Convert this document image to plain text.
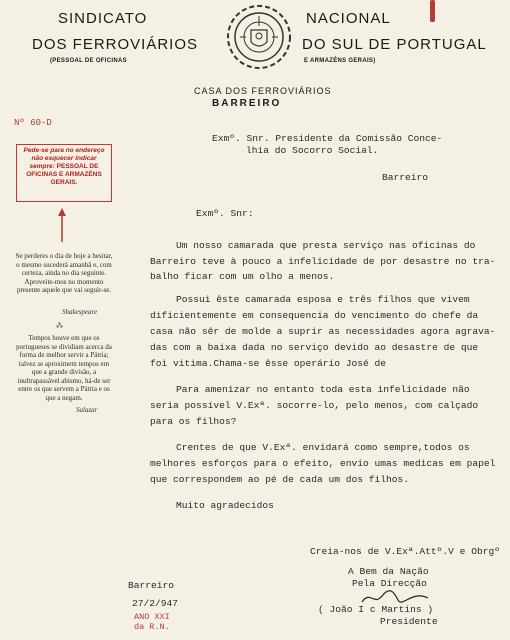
SINDICATO
DOS FERROVIÁRIOS
(PESSOAL DE OFICINAS
NACIONAL
DO SUL DE PORTUGAL
E ARMAZÉNS GERAIS)
CASA DOS FERROVIÁRIOS
BARREIRO
Nº 60-D
Pede-se para no endereço não esquecer indicar sempre: PESSOAL DE OFICINAS E ARMAZÉNS GERAIS.
Se perderes o dia de hoje a hesitar, o mesmo sucederá amanhã e, com certeza, ainda no dia seguinte. Aproveite-mos no momento presente aquele que vai seguir-se.
Shakespeare
⁂
Tempos houve em que os portugueses se dividiam acerca da forma de melhor servir a Pátria; talvez se aproximem tempos em que a grande divisão, a inultrapassável abismo, há-de ser entre os que servem a Pátria e os que a negam.
Salazar
Exmº. Snr. Presidente da Comissão Conce-
lhia do Socorro Social.
Barreiro
Exmº. Snr:
Um nosso camarada que presta serviço nas oficinas do
Barreiro teve à pouco a infelicidade de por desastre no tra-
balho ficar com um olho a menos.
Possui êste camarada esposa e três filhos que vivem
dificientemente em consequencia do vencimento do chefe da
casa não sêr de molde a suprir as necessidades agora agrava-
das com a baixa dada no serviço devido ao desastre de que
foi vitima.Chama-se êsse operário José de
Para amenizar no entanto toda esta infelicidade não
seria possível V.Exª. socorre-lo, pelo menos, com calçado
para os filhos?
Crentes de que V.Exª. envidará como sempre,todos os
melhores esforços para o efeito, envio umas medicas em papel
que correspondem ao pé de cada um dos filhos.
Muito agradecidos
Creia-nos de V.Exª.Attº.V e Obrgº
A Bem da Nação
Pela Direcção
( João I c Martins )
Presidente
Barreiro
27/2/947
ANO XXI
da R.N.
